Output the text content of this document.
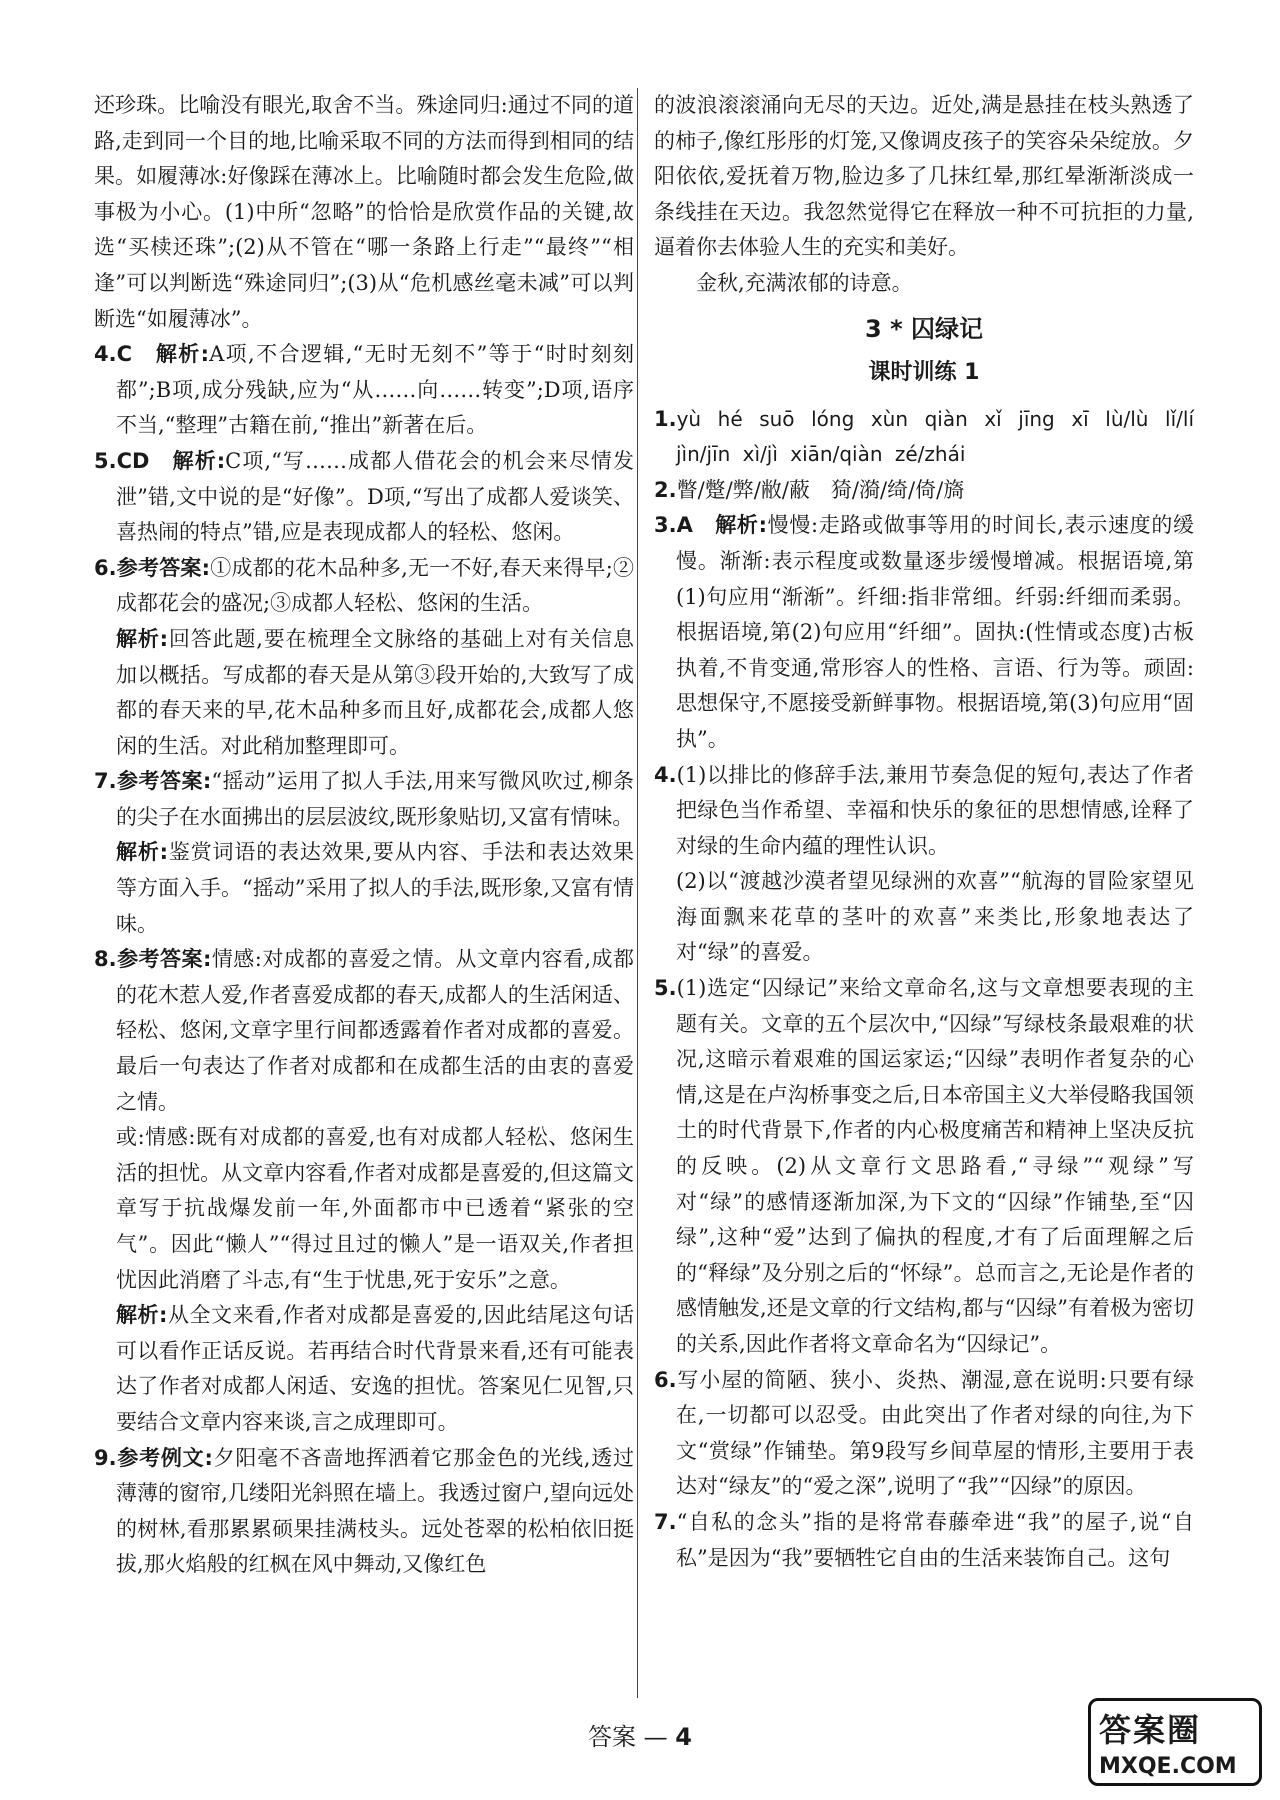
还珍珠。比喻没有眼光,取舍不当。殊途同归:通过不同的道路,走到同一个目的地,比喻采取不同的方法而得到相同的结果。如履薄冰:好像踩在薄冰上。比喻随时都会发生危险,做事极为小心。(1)中所“忽略”的恰恰是欣赏作品的关键,故选“买椟还珠”;(2)从不管在“哪一条路上行走”“最终”“相逢”可以判断选“殊途同归”;(3)从“危机感丝毫未减”可以判断选“如履薄冰”。

4.C　 解析:A项,不合逻辑,“无时无刻不”等于“时时刻刻都”;B项,成分残缺,应为“从……向……转变”;D项,语序不当,“整理”古籍在前,“推出”新著在后。

5.CD　 解析:C项,“写……成都人借花会的机会来尽情发泄”错,文中说的是“好像”。D项,“写出了成都人爱谈笑、喜热闹的特点”错,应是表现成都人的轻松、悠闲。

6.参考答案:①成都的花木品种多,无一不好,春天来得早;②成都花会的盛况;③成都人轻松、悠闲的生活。

解析:回答此题,要在梳理全文脉络的基础上对有关信息加以概括。写成都的春天是从第③段开始的,大致写了成都的春天来的早,花木品种多而且好,成都花会,成都人悠闲的生活。对此稍加整理即可。

7.参考答案:“摇动”运用了拟人手法,用来写微风吹过,柳条的尖子在水面拂出的层层波纹,既形象贴切,又富有情味。

解析:鉴赏词语的表达效果,要从内容、手法和表达效果等方面入手。“摇动”采用了拟人的手法,既形象,又富有情味。

8.参考答案:情感:对成都的喜爱之情。从文章内容看,成都的花木惹人爱,作者喜爱成都的春天,成都人的生活闲适、轻松、悠闲,文章字里行间都透露着作者对成都的喜爱。最后一句表达了作者对成都和在成都生活的由衷的喜爱之情。

或:情感:既有对成都的喜爱,也有对成都人轻松、悠闲生活的担忧。从文章内容看,作者对成都是喜爱的,但这篇文章写于抗战爆发前一年,外面都市中已透着“紧张的空气”。因此“懒人”“得过且过的懒人”是一语双关,作者担忧因此消磨了斗志,有“生于忧患,死于安乐”之意。

解析:从全文来看,作者对成都是喜爱的,因此结尾这句话可以看作正话反说。若再结合时代背景来看,还有可能表达了作者对成都人闲适、安逸的担忧。答案见仁见智,只要结合文章内容来谈,言之成理即可。

9.参考例文:夕阳毫不吝啬地挥洒着它那金色的光线,透过薄薄的窗帘,几缕阳光斜照在墙上。我透过窗户,望向远处的树林,看那累累硕果挂满枝头。远处苍翠的松柏依旧挺拔,那火焰般的红枫在风中舞动,又像红色

的波浪滚滚涌向无尽的天边。近处,满是悬挂在枝头熟透了的柿子,像红彤彤的灯笼,又像调皮孩子的笑容朵朵绽放。夕阳依依,爱抚着万物,脸边多了几抹红晕,那红晕渐渐淡成一条线挂在天边。我忽然觉得它在释放一种不可抗拒的力量,逼着你去体验人生的充实和美好。

金秋,充满浓郁的诗意。

3 * 囚绿记
课时训练 1

1.yù hé suō lóng xùn qiàn xǐ jīng xī lù/lù lǐ/lí jìn/jīn xì/jì xiān/qiàn zé/zhái

2.瞥/蹩/弊/敝/蔽　猗/漪/绮/倚/旖

3.A　 解析:慢慢:走路或做事等用的时间长,表示速度的缓慢。渐渐:表示程度或数量逐步缓慢增减。根据语境,第(1)句应用“渐渐”。纤细:指非常细。纤弱:纤细而柔弱。根据语境,第(2)句应用“纤细”。固执:(性情或态度)古板执着,不肯变通,常形容人的性格、言语、行为等。顽固:思想保守,不愿接受新鲜事物。根据语境,第(3)句应用“固执”。

4.(1)以排比的修辞手法,兼用节奏急促的短句,表达了作者把绿色当作希望、幸福和快乐的象征的思想情感,诠释了对绿的生命内蕴的理性认识。

(2)以“渡越沙漠者望见绿洲的欢喜”“航海的冒险家望见海面飘来花草的茎叶的欢喜”来类比,形象地表达了对“绿”的喜爱。

5.(1)选定“囚绿记”来给文章命名,这与文章想要表现的主题有关。文章的五个层次中,“囚绿”写绿枝条最艰难的状况,这暗示着艰难的国运家运;“囚绿”表明作者复杂的心情,这是在卢沟桥事变之后,日本帝国主义大举侵略我国领土的时代背景下,作者的内心极度痛苦和精神上坚决反抗的反映。(2)从文章行文思路看,“寻绿”“观绿”写对“绿”的感情逐渐加深,为下文的“囚绿”作铺垫,至“囚绿”,这种“爱”达到了偏执的程度,才有了后面理解之后的“释绿”及分别之后的“怀绿”。总而言之,无论是作者的感情触发,还是文章的行文结构,都与“囚绿”有着极为密切的关系,因此作者将文章命名为“囚绿记”。

6.写小屋的简陋、狭小、炎热、潮湿,意在说明:只要有绿在,一切都可以忍受。由此突出了作者对绿的向往,为下文“赏绿”作铺垫。第9段写乡间草屋的情形,主要用于表达对“绿友”的“爱之深”,说明了“我”“囚绿”的原因。

7.“自私的念头”指的是将常春藤牵进“我”的屋子,说“自私”是因为“我”要牺牲它自由的生活来装饰自己。这句

答案 — 4	答案圈
MXQE.COM
